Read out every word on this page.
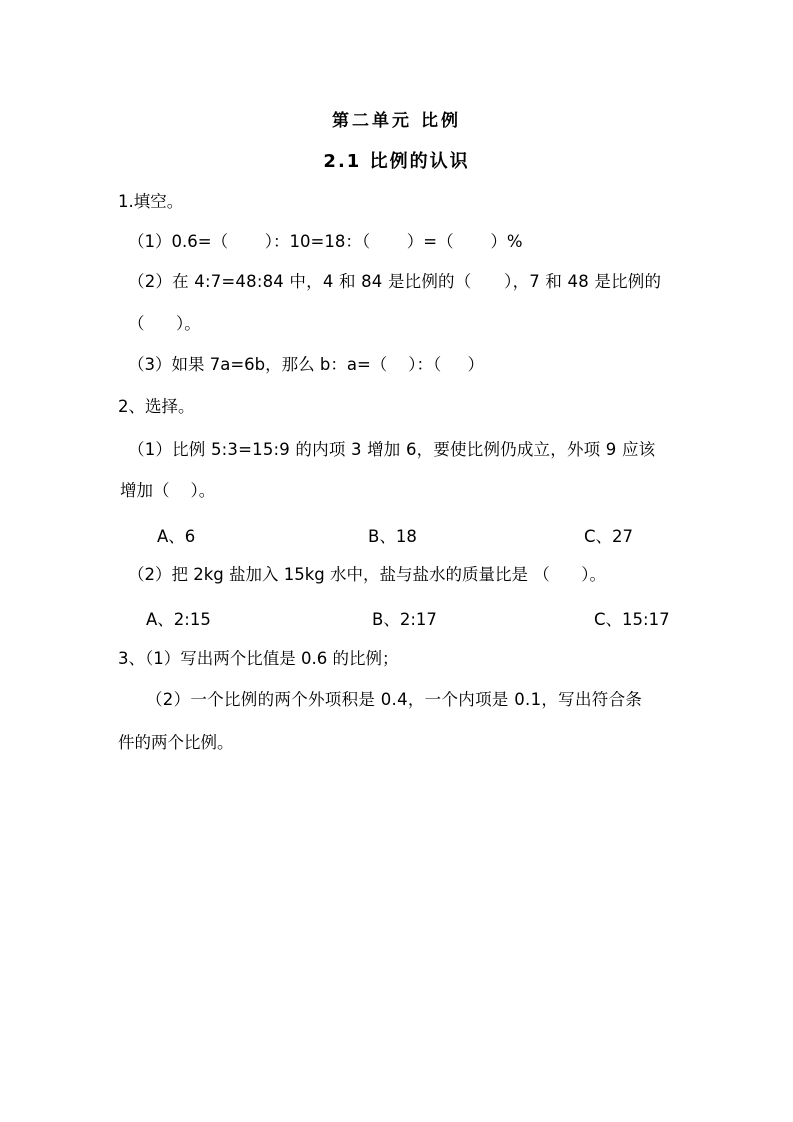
第二单元 比例
2.1 比例的认识
1.填空。
（1）0.6=（       ）：10=18：（       ）=（       ）%
（2）在 4:7=48:84 中，4 和 84 是比例的（      ），7 和 48 是比例的
（      ）。
（3）如果 7a=6b，那么 b：a=（    ）：（     ）
2、选择。
（1）比例 5:3=15:9 的内项 3 增加 6，要使比例仍成立，外项 9 应该
增加（    ）。
A、6	B、18	C、27
（2）把 2kg 盐加入 15kg 水中，盐与盐水的质量比是 （      ）。
A、2:15	B、2:17	C、15:17
3、（1）写出两个比值是 0.6 的比例；
（2）一个比例的两个外项积是 0.4，一个内项是 0.1，写出符合条
件的两个比例。
